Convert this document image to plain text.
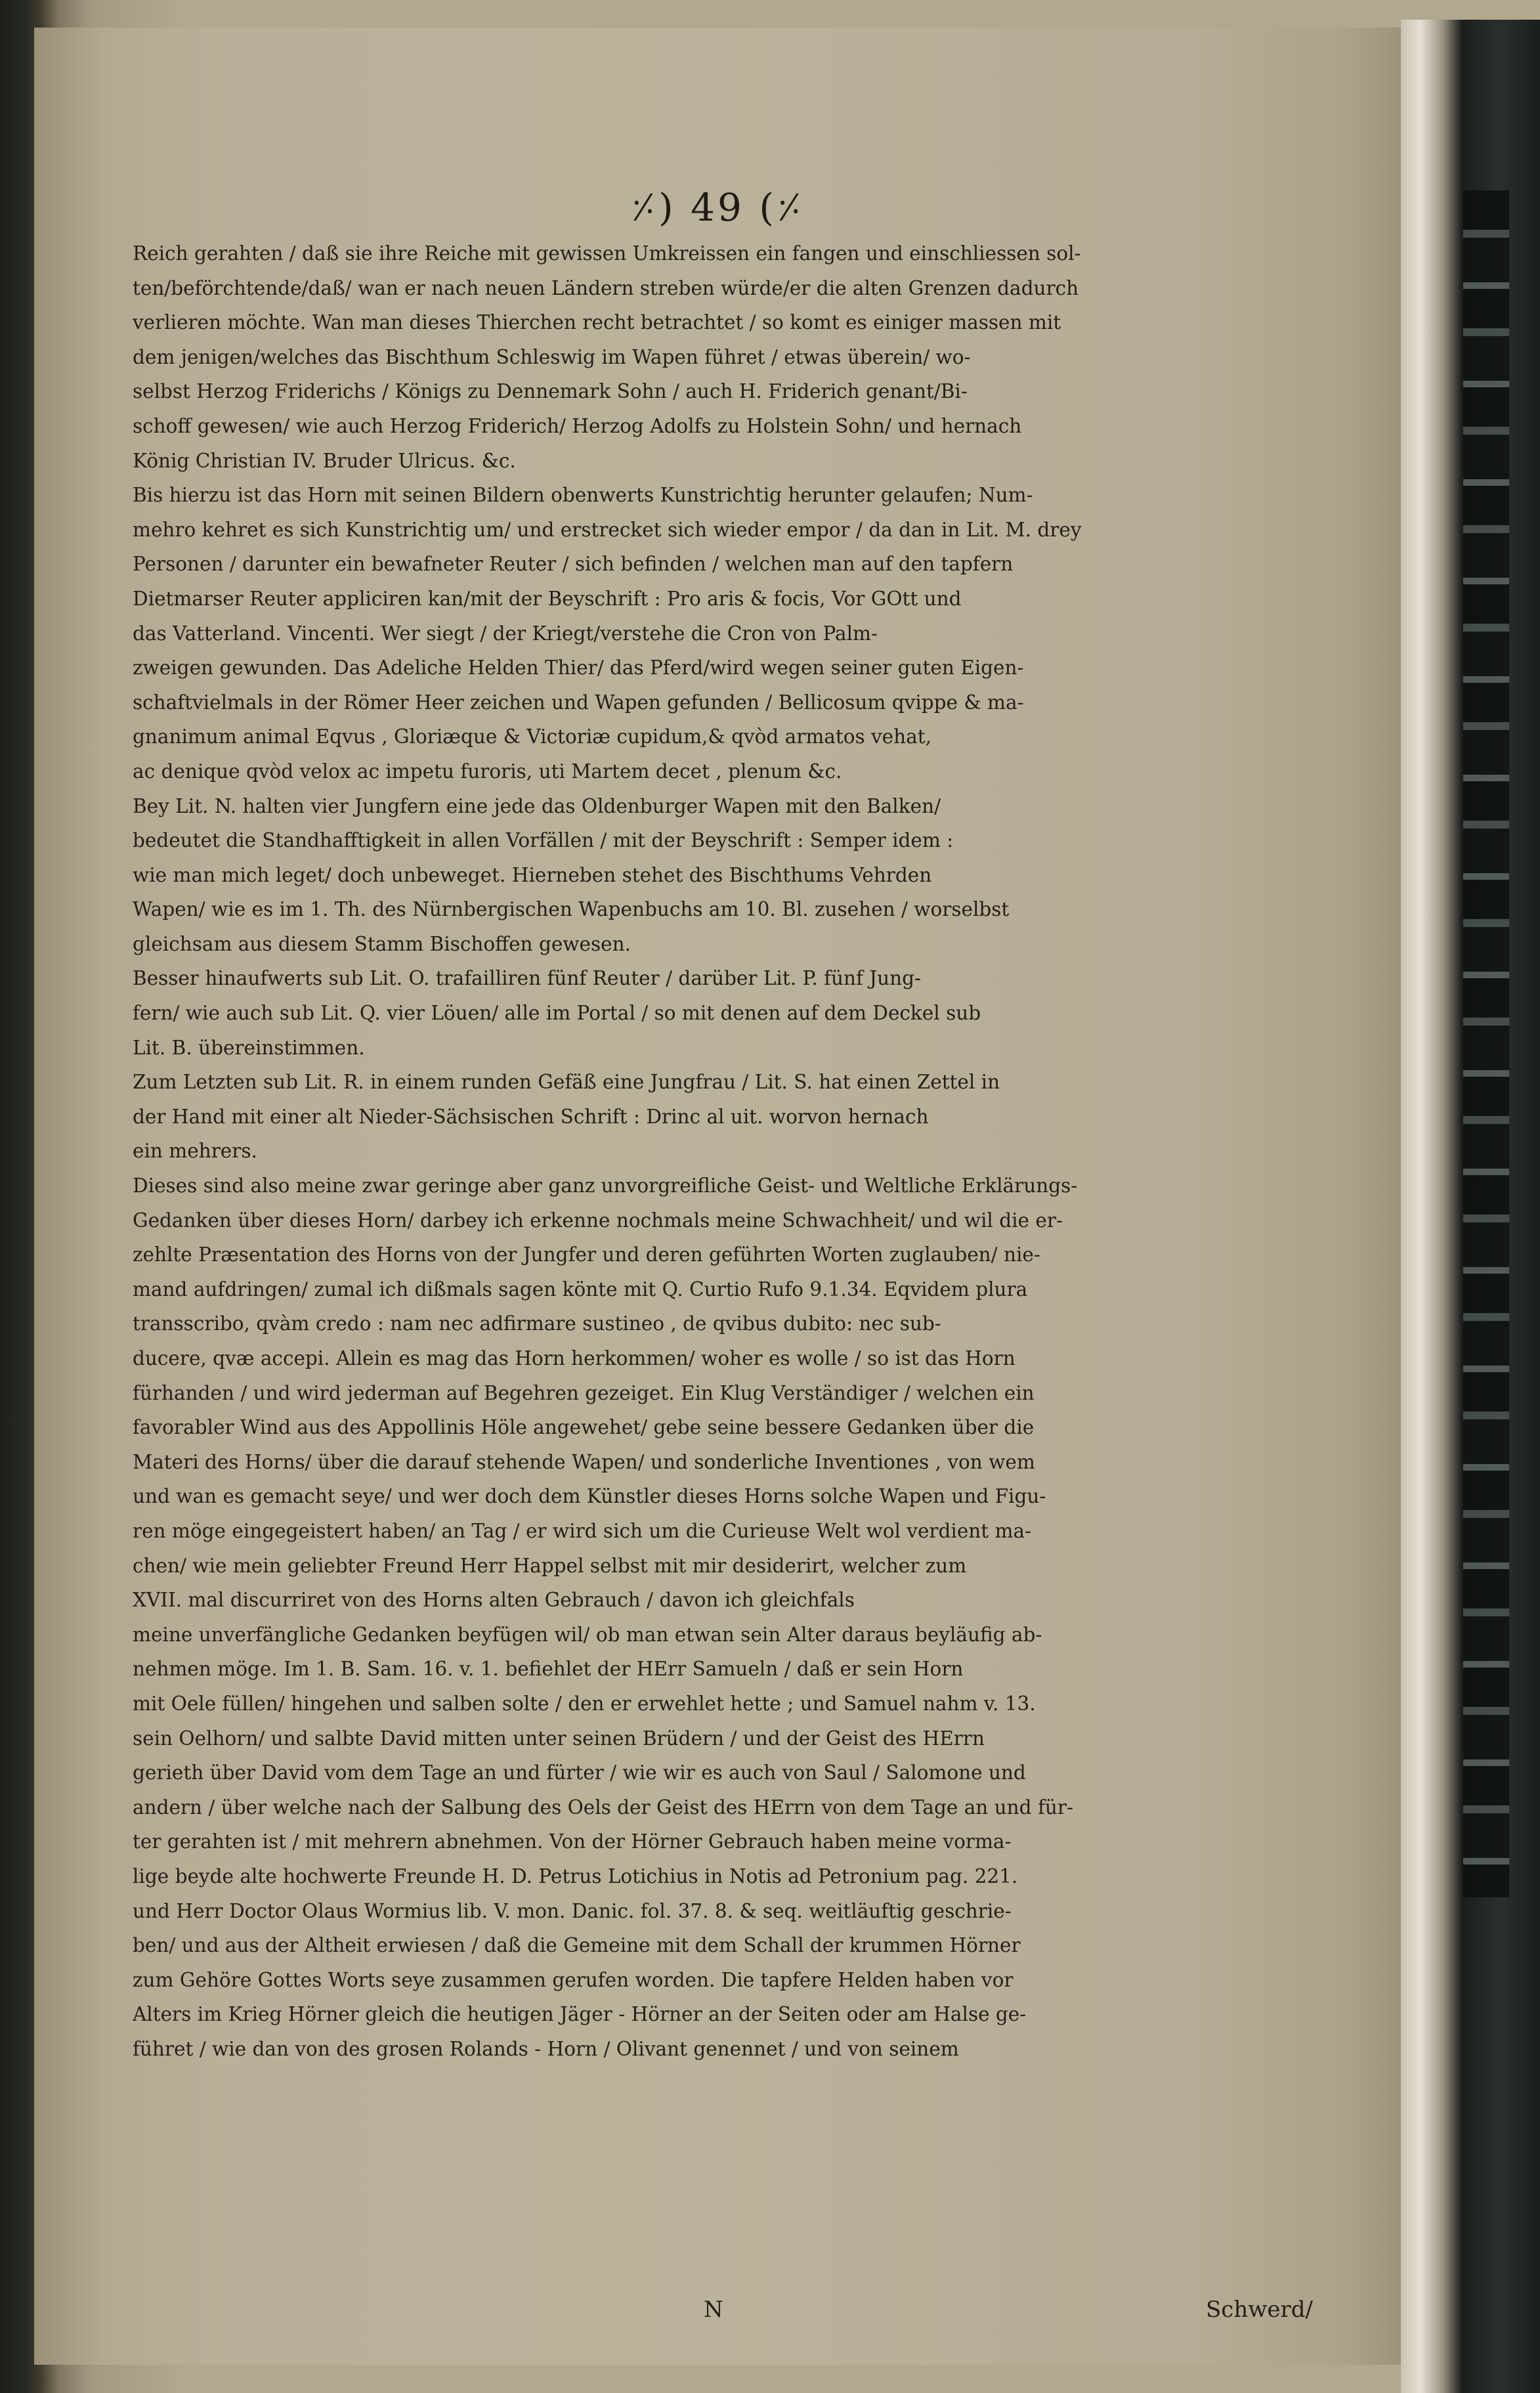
⸓) 49 (⸓
Reich gerahten / daß sie ihre Reiche mit gewissen Umkreissen ein fangen und einschliessen sol-
ten/beförchtende/daß/ wan er nach neuen Ländern streben würde/er die alten Grenzen dadurch
verlieren möchte. Wan man dieses Thierchen recht betrachtet / so komt es einiger massen mit
dem jenigen/welches das Bischthum Schleswig im Wapen führet / etwas überein/ wo-
selbst Herzog Friderichs / Königs zu Dennemark Sohn / auch H. Friderich genant/Bi-
schoff gewesen/ wie auch Herzog Friderich/ Herzog Adolfs zu Holstein Sohn/ und hernach
König Christian IV. Bruder Ulricus. &c.
Bis hierzu ist das Horn mit seinen Bildern obenwerts Kunstrichtig herunter gelaufen; Num-
mehro kehret es sich Kunstrichtig um/ und erstrecket sich wieder empor / da dan in Lit. M. drey
Personen / darunter ein bewafneter Reuter / sich befinden / welchen man auf den tapfern
Dietmarser Reuter appliciren kan/mit der Beyschrift : Pro aris & focis, Vor GOtt und
das Vatterland. Vincenti. Wer siegt / der Kriegt/verstehe die Cron von Palm-
zweigen gewunden. Das Adeliche Helden Thier/ das Pferd/wird wegen seiner guten Eigen-
schaftvielmals in der Römer Heer zeichen und Wapen gefunden / Bellicosum qvippe & ma-
gnanimum animal Eqvus , Gloriæque & Victoriæ cupidum,& qvòd armatos vehat,
ac denique qvòd velox ac impetu furoris, uti Martem decet , plenum &c.
Bey Lit. N. halten vier Jungfern eine jede das Oldenburger Wapen mit den Balken/
bedeutet die Standhafftigkeit in allen Vorfällen / mit der Beyschrift : Semper idem :
wie man mich leget/ doch unbeweget. Hierneben stehet des Bischthums Vehrden
Wapen/ wie es im 1. Th. des Nürnbergischen Wapenbuchs am 10. Bl. zusehen / worselbst
gleichsam aus diesem Stamm Bischoffen gewesen.
Besser hinaufwerts sub Lit. O. trafailliren fünf Reuter / darüber Lit. P. fünf Jung-
fern/ wie auch sub Lit. Q. vier Löuen/ alle im Portal / so mit denen auf dem Deckel sub
Lit. B. übereinstimmen.
Zum Letzten sub Lit. R. in einem runden Gefäß eine Jungfrau / Lit. S. hat einen Zettel in
der Hand mit einer alt Nieder-Sächsischen Schrift : Drinc al uit. worvon hernach
ein mehrers.
Dieses sind also meine zwar geringe aber ganz unvorgreifliche Geist- und Weltliche Erklärungs-
Gedanken über dieses Horn/ darbey ich erkenne nochmals meine Schwachheit/ und wil die er-
zehlte Præsentation des Horns von der Jungfer und deren geführten Worten zuglauben/ nie-
mand aufdringen/ zumal ich dißmals sagen könte mit Q. Curtio Rufo 9.1.34. Eqvidem plura
transscribo, qvàm credo : nam nec adfirmare sustineo , de qvibus dubito: nec sub-
ducere, qvæ accepi. Allein es mag das Horn herkommen/ woher es wolle / so ist das Horn
fürhanden / und wird jederman auf Begehren gezeiget. Ein Klug Verständiger / welchen ein
favorabler Wind aus des Appollinis Höle angewehet/ gebe seine bessere Gedanken über die
Materi des Horns/ über die darauf stehende Wapen/ und sonderliche Inventiones , von wem
und wan es gemacht seye/ und wer doch dem Künstler dieses Horns solche Wapen und Figu-
ren möge eingegeistert haben/ an Tag / er wird sich um die Curieuse Welt wol verdient ma-
chen/ wie mein geliebter Freund Herr Happel selbst mit mir desiderirt, welcher zum
XVII. mal discurriret von des Horns alten Gebrauch / davon ich gleichfals
meine unverfängliche Gedanken beyfügen wil/ ob man etwan sein Alter daraus beyläufig ab-
nehmen möge. Im 1. B. Sam. 16. v. 1. befiehlet der HErr Samueln / daß er sein Horn
mit Oele füllen/ hingehen und salben solte / den er erwehlet hette ; und Samuel nahm v. 13.
sein Oelhorn/ und salbte David mitten unter seinen Brüdern / und der Geist des HErrn
gerieth über David vom dem Tage an und fürter / wie wir es auch von Saul / Salomone und
andern / über welche nach der Salbung des Oels der Geist des HErrn von dem Tage an und für-
ter gerahten ist / mit mehrern abnehmen. Von der Hörner Gebrauch haben meine vorma-
lige beyde alte hochwerte Freunde H. D. Petrus Lotichius in Notis ad Petronium pag. 221.
und Herr Doctor Olaus Wormius lib. V. mon. Danic. fol. 37. 8. & seq. weitläuftig geschrie-
ben/ und aus der Altheit erwiesen / daß die Gemeine mit dem Schall der krummen Hörner
zum Gehöre Gottes Worts seye zusammen gerufen worden. Die tapfere Helden haben vor
Alters im Krieg Hörner gleich die heutigen Jäger - Hörner an der Seiten oder am Halse ge-
führet / wie dan von des grosen Rolands - Horn / Olivant genennet / und von seinem
N	Schwerd/
